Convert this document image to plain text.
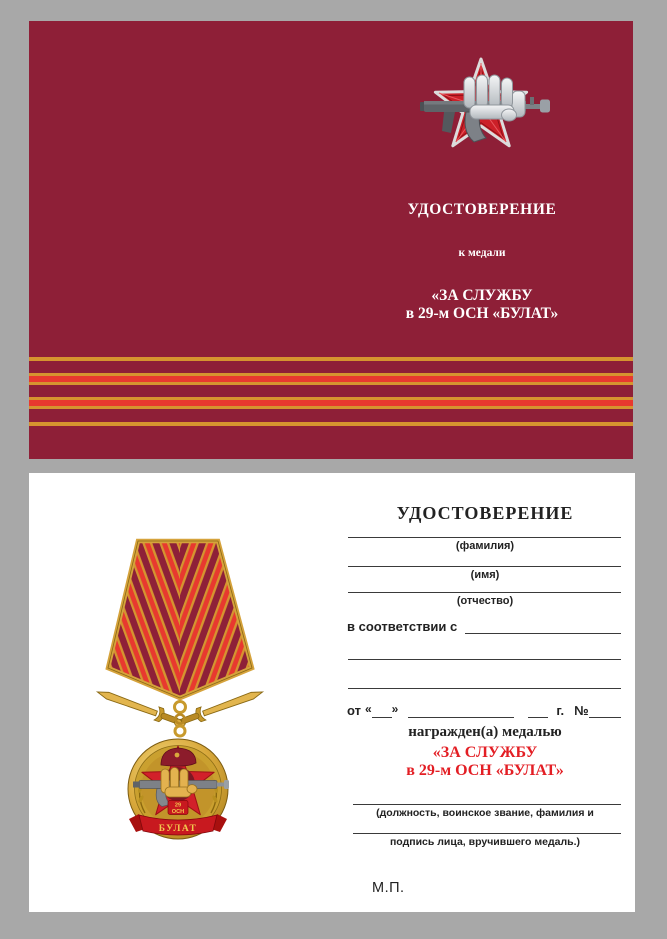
УДОСТОВЕРЕНИЕ
к медали
«ЗА СЛУЖБУ
в 29-м ОСН «БУЛАТ»
29
ОСН
БУЛАТ
УДОСТОВЕРЕНИЕ
(фамилия)
(имя)
(отчество)
в соответствии с
от « »	г. №
награжден(а) медалью
«ЗА СЛУЖБУ
в 29-м ОСН «БУЛАТ»
(должность, воинское звание, фамилия и
подпись лица, вручившего медаль.)
М.П.
